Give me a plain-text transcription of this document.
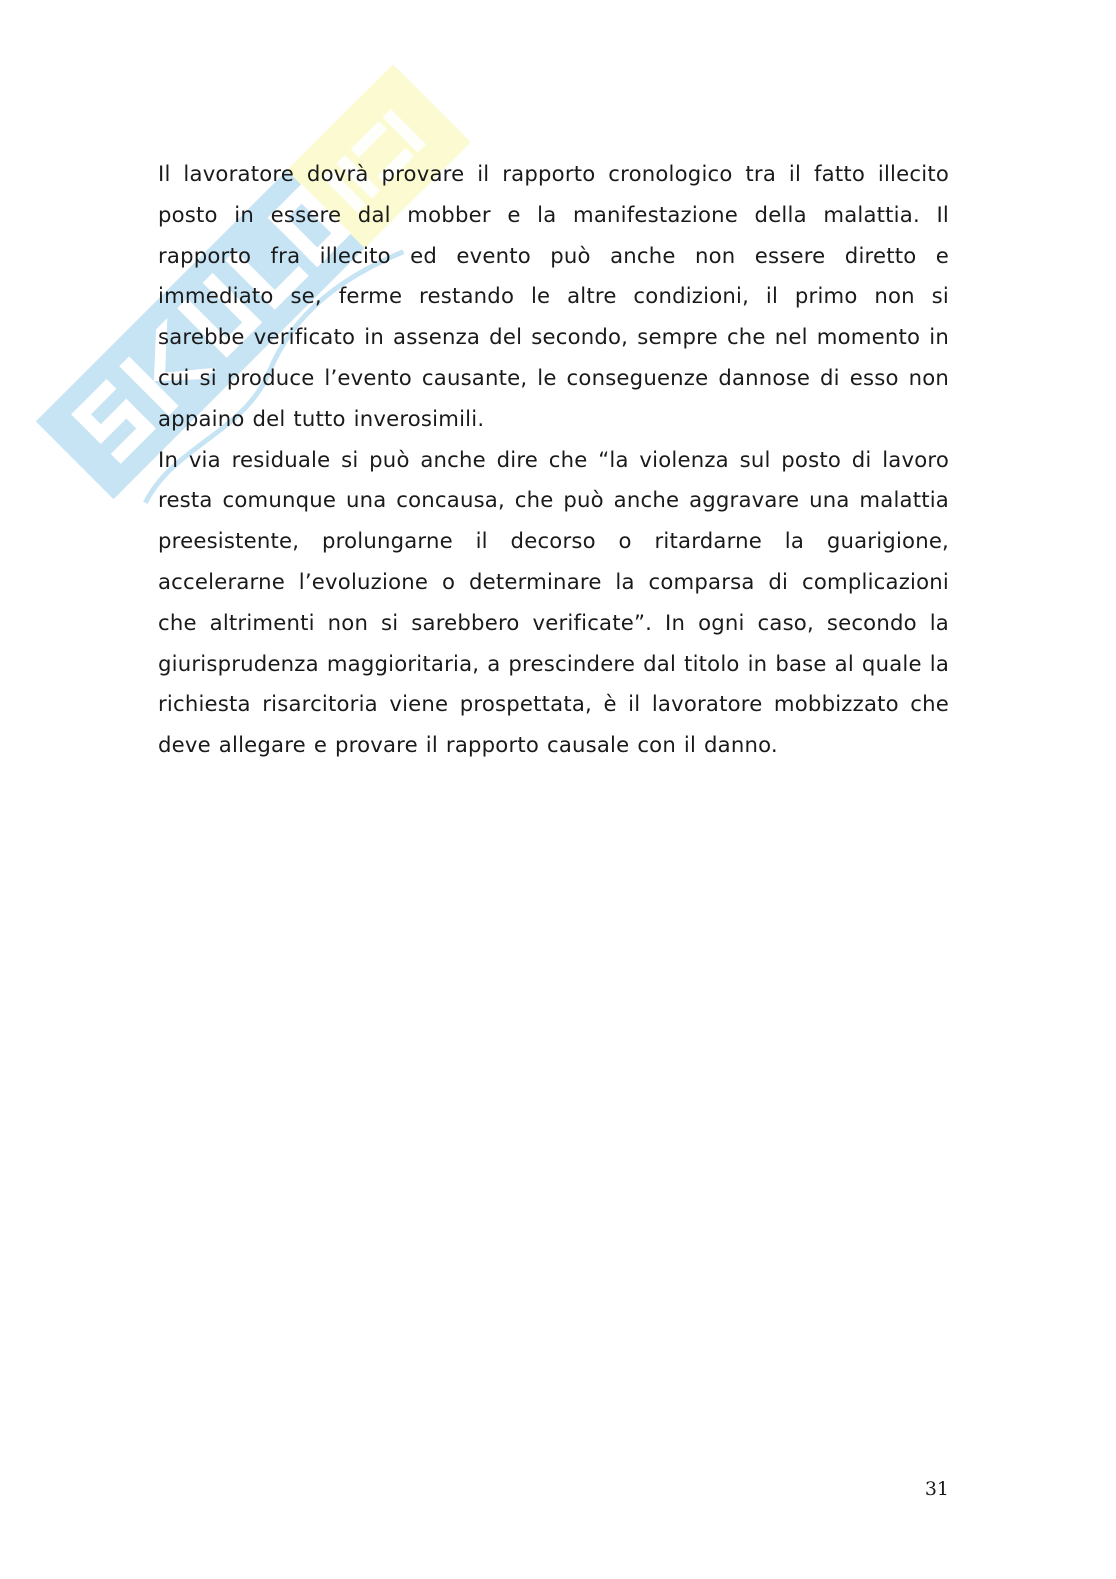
Il lavoratore dovrà provare il rapporto cronologico tra il fatto illecito posto in essere dal mobber e la manifestazione della malattia. Il rapporto fra illecito ed evento può anche non essere diretto e immediato se, ferme restando le altre condizioni, il primo non si sarebbe verificato in assenza del secondo, sempre che nel momento in cui si produce l’evento causante, le conseguenze dannose di esso non appaino del tutto inverosimili.

In via residuale si può anche dire che “la violenza sul posto di lavoro resta comunque una concausa, che può anche aggravare una malattia preesistente, prolungarne il decorso o ritardarne la guarigione, accelerarne l’evoluzione o determinare la comparsa di complicazioni che altrimenti non si sarebbero verificate”. In ogni caso, secondo la giurisprudenza maggioritaria, a prescindere dal titolo in base al quale la richiesta risarcitoria viene prospettata, è il lavoratore mobbizzato che deve allegare e provare il rapporto causale con il danno.

31
